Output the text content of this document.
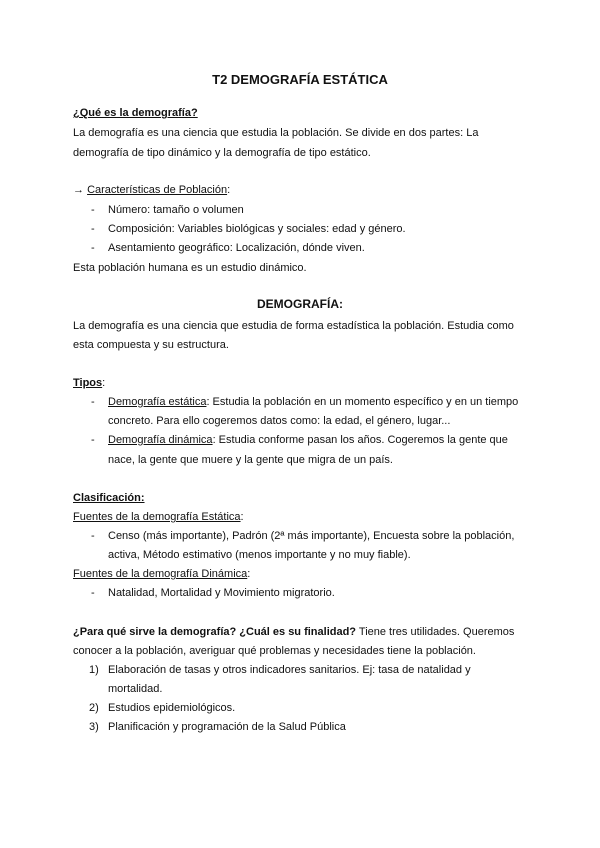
T2 DEMOGRAFÍA ESTÁTICA
¿Qué es la demografía?
La demografía es una ciencia que estudia la población. Se divide en dos partes: La
demografía de tipo dinámico y la demografía de tipo estático.
→ Características de Población:
- Número: tamaño o volumen
- Composición: Variables biológicas y sociales: edad y género.
- Asentamiento geográfico: Localización, dónde viven.
Esta población humana es un estudio dinámico.
DEMOGRAFÍA:
La demografía es una ciencia que estudia de forma estadística la población. Estudia como
esta compuesta y su estructura.
Tipos:
- Demografía estática: Estudia la población en un momento específico y en un tiempo
concreto. Para ello cogeremos datos como: la edad, el género, lugar...
- Demografía dinámica: Estudia conforme pasan los años. Cogeremos la gente que
nace, la gente que muere y la gente que migra de un país.
Clasificación:
Fuentes de la demografía Estática:
- Censo (más importante), Padrón (2ª más importante), Encuesta sobre la población,
activa, Método estimativo (menos importante y no muy fiable).
Fuentes de la demografía Dinámica:
- Natalidad, Mortalidad y Movimiento migratorio.
¿Para qué sirve la demografía? ¿Cuál es su finalidad? Tiene tres utilidades. Queremos
conocer a la población, averiguar qué problemas y necesidades tiene la población.
1) Elaboración de tasas y otros indicadores sanitarios. Ej: tasa de natalidad y
mortalidad.
2) Estudios epidemiológicos.
3) Planificación y programación de la Salud Pública
